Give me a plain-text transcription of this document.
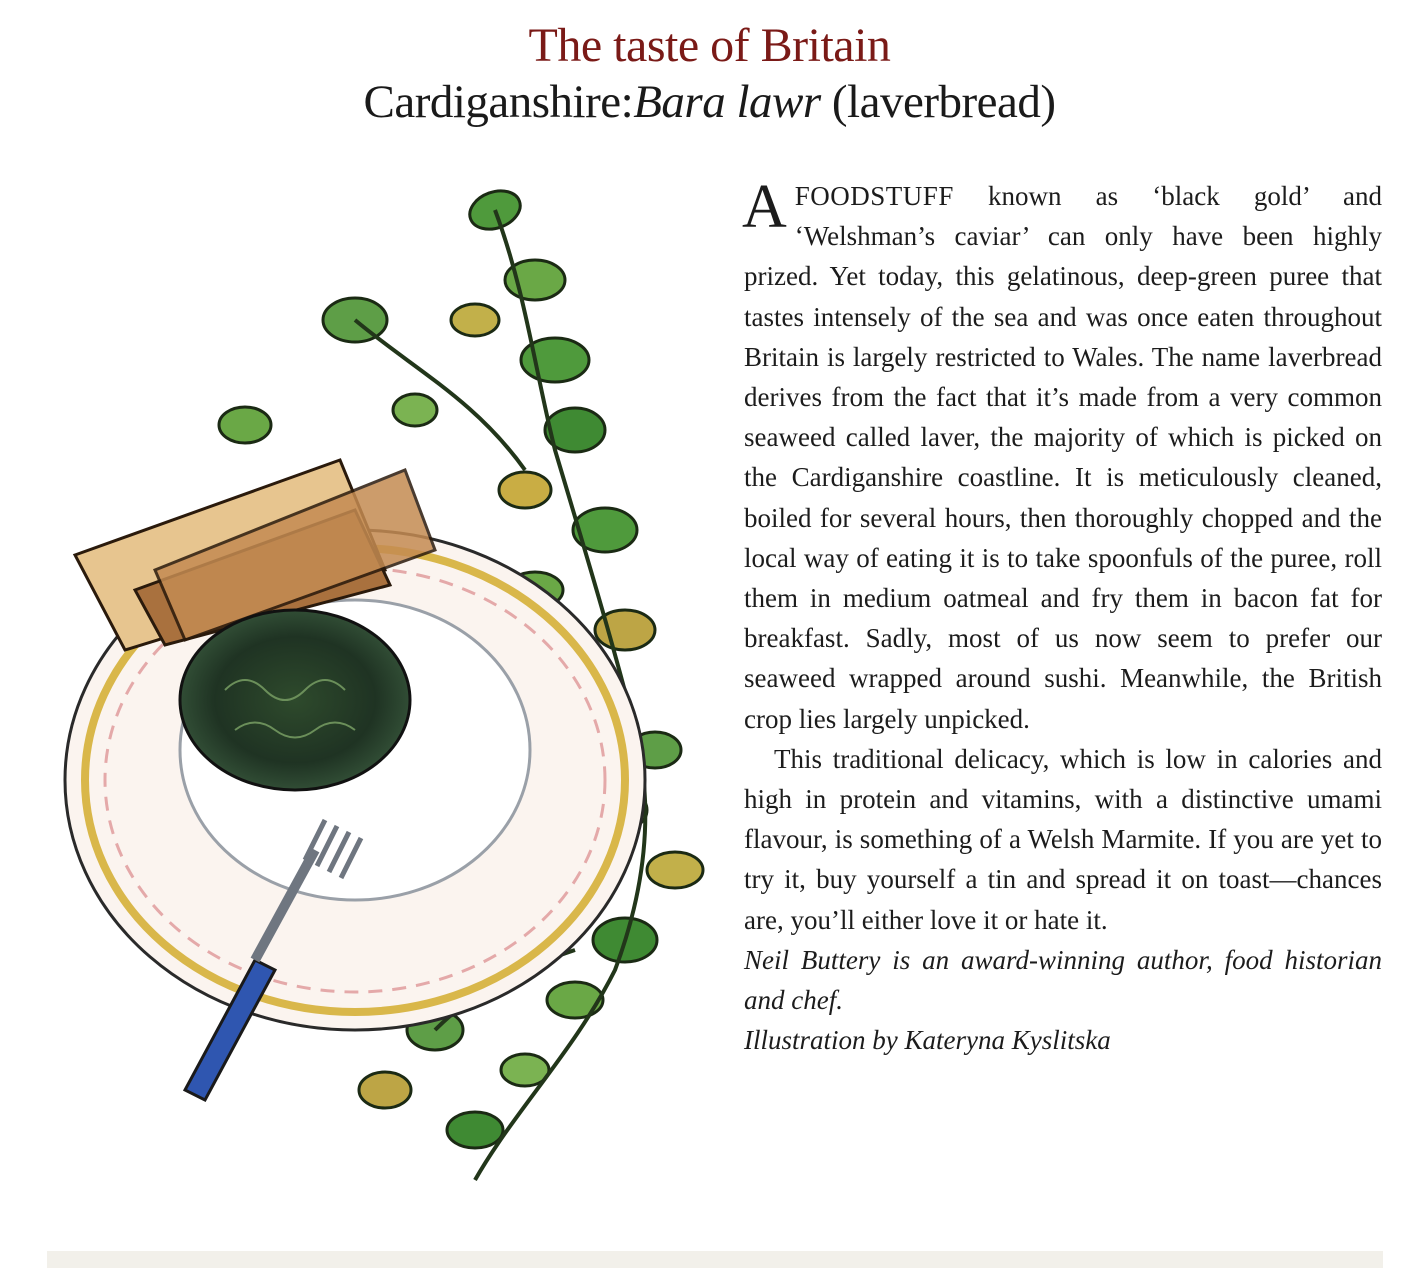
The taste of Britain
Cardiganshire:Bara lawr (laverbread)

AFOODSTUFF known as ‘black gold’ and ‘Welshman’s caviar’ can only have been highly prized. Yet today, this gelatinous, deep-green puree that tastes intensely of the sea and was once eaten throughout Britain is largely restricted to Wales. The name laverbread derives from the fact that it’s made from a very common seaweed called laver, the majority of which is picked on the Cardiganshire coastline. It is meticulously cleaned, boiled for several hours, then thoroughly chopped and the local way of eating it is to take spoonfuls of the puree, roll them in medium oatmeal and fry them in bacon fat for breakfast. Sadly, most of us now seem to prefer our seaweed wrapped around sushi. Meanwhile, the British crop lies largely unpicked.

This traditional delicacy, which is low in calories and high in protein and vitamins, with a distinctive umami flavour, is something of a Welsh Marmite. If you are yet to try it, buy yourself a tin and spread it on toast—chances are, you’ll either love it or hate it.

Neil Buttery is an award-winning author, food historian and chef.
Illustration by Kateryna Kyslitska
